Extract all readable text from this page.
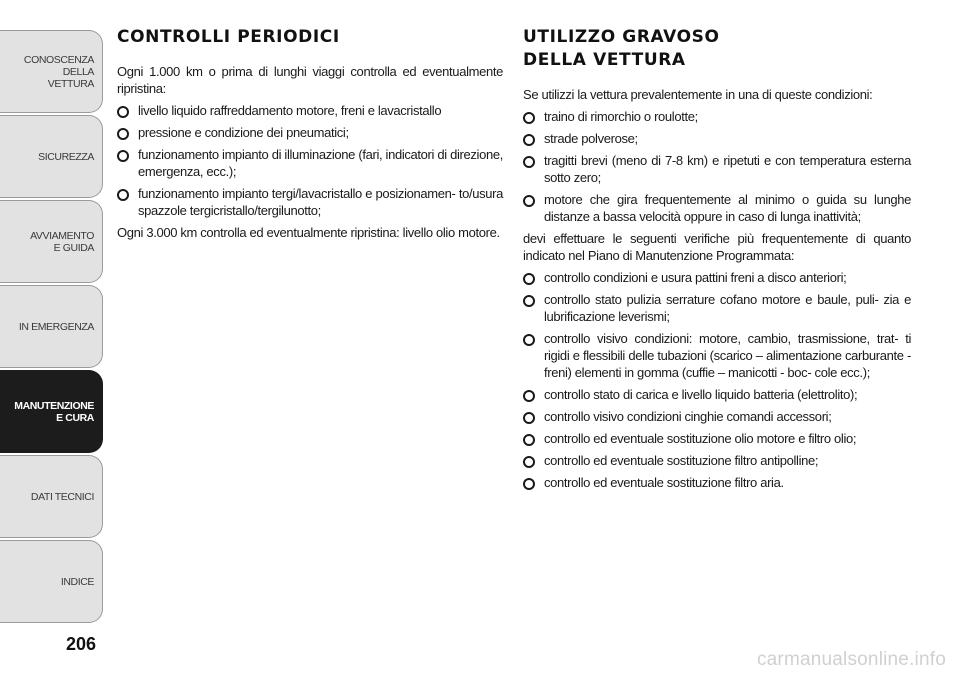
CONOSCENZA
DELLA
VETTURA
SICUREZZA
AVVIAMENTO
E GUIDA
IN EMERGENZA
MANUTENZIONE
E CURA
DATI TECNICI
INDICE
206
CONTROLLI PERIODICI

Ogni 1.000 km o prima di lunghi viaggi controlla ed eventualmente ripristina:

livello liquido raffreddamento motore, freni e lavacristallo
pressione e condizione dei pneumatici;
funzionamento impianto di illuminazione (fari, indicatori di direzione, emergenza, ecc.);
funzionamento impianto tergi/lavacristallo e posizionamen- to/usura spazzole tergicristallo/tergilunotto;

Ogni 3.000 km controlla ed eventualmente ripristina: livello olio motore.

UTILIZZO GRAVOSO
DELLA VETTURA

Se utilizzi la vettura prevalentemente in una di queste condizioni:

traino di rimorchio o roulotte;
strade polverose;
tragitti brevi (meno di 7-8 km) e ripetuti e con temperatura esterna sotto zero;
motore che gira frequentemente al minimo o guida su lunghe distanze a bassa velocità oppure in caso di lunga inattività;

devi effettuare le seguenti verifiche più frequentemente di quanto indicato nel Piano di Manutenzione Programmata:

controllo condizioni e usura pattini freni a disco anteriori;
controllo stato pulizia serrature cofano motore e baule, puli- zia e lubrificazione leverismi;
controllo visivo condizioni: motore, cambio, trasmissione, trat- ti rigidi e flessibili delle tubazioni (scarico – alimentazione carburante - freni) elementi in gomma (cuffie – manicotti - boc- cole ecc.);
controllo stato di carica e livello liquido batteria (elettrolito);
controllo visivo condizioni cinghie comandi accessori;
controllo ed eventuale sostituzione olio motore e filtro olio;
controllo ed eventuale sostituzione filtro antipolline;
controllo ed eventuale sostituzione filtro aria.
carmanualsonline.info
